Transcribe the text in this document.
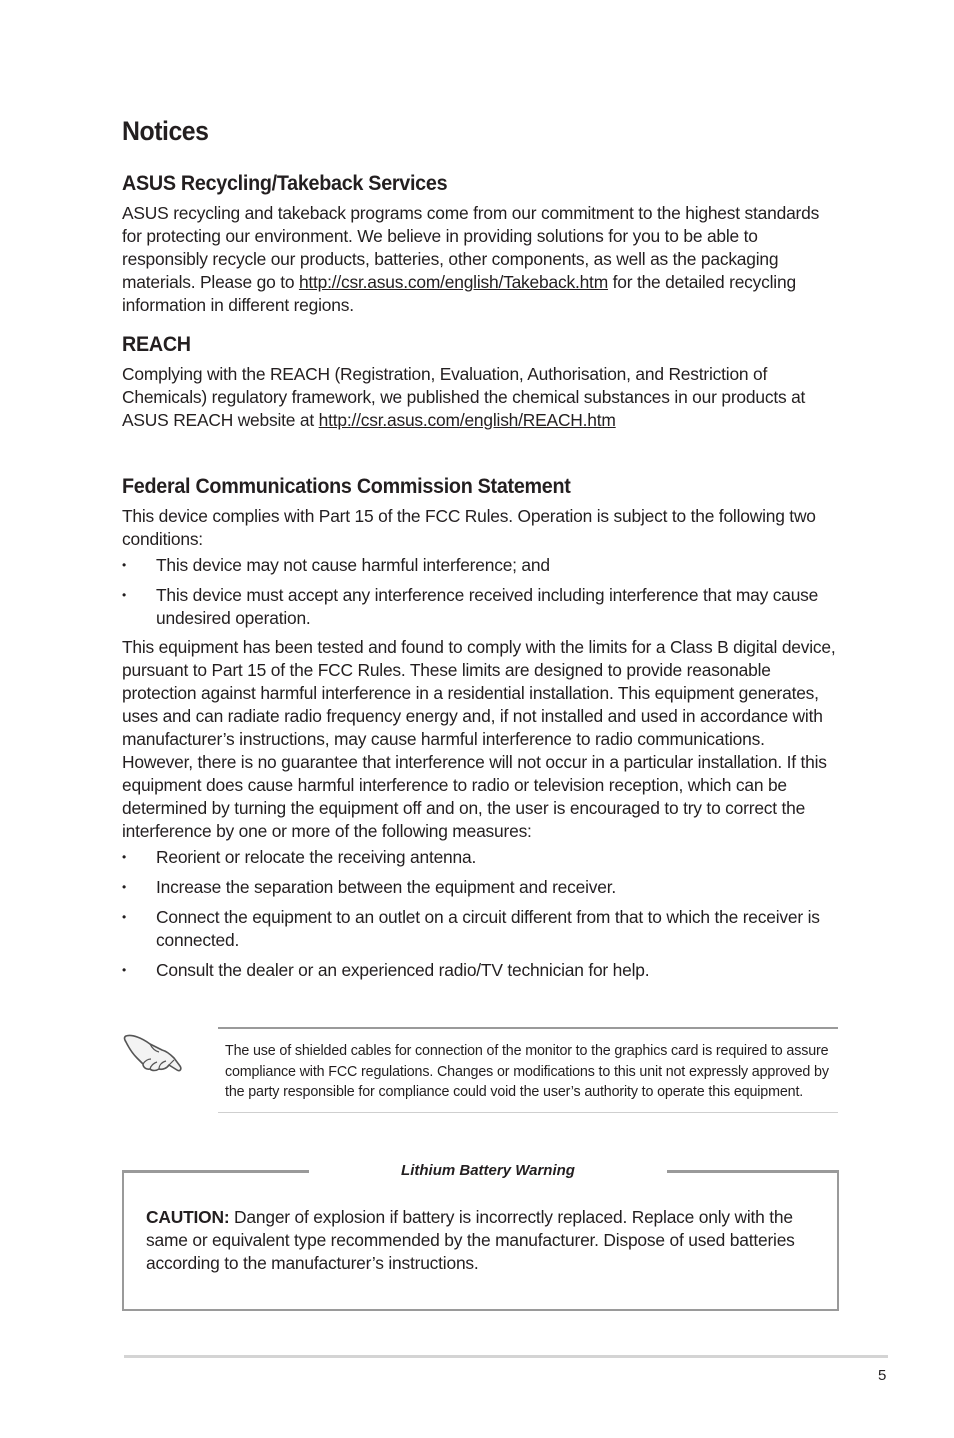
Notices
ASUS Recycling/Takeback Services

ASUS recycling and takeback programs come from our commitment to the highest standards for protecting our environment. We believe in providing solutions for you to be able to responsibly recycle our products, batteries, other components, as well as the packaging materials. Please go to http://csr.asus.com/english/Takeback.htm for the detailed recycling information in different regions.

REACH

Complying with the REACH (Registration, Evaluation, Authorisation, and Restriction of Chemicals) regulatory framework, we published the chemical substances in our products at ASUS REACH website at http://csr.asus.com/english/REACH.htm

Federal Communications Commission Statement

This device complies with Part 15 of the FCC Rules. Operation is subject to the following two conditions:

• This device may not cause harmful interference; and
• This device must accept any interference received including interference that may cause undesired operation.

This equipment has been tested and found to comply with the limits for a Class B digital device, pursuant to Part 15 of the FCC Rules. These limits are designed to provide reasonable protection against harmful interference in a residential installation. This equipment generates, uses and can radiate radio frequency energy and, if not installed and used in accordance with manufacturer’s instructions, may cause harmful interference to radio communications. However, there is no guarantee that interference will not occur in a particular installation. If this equipment does cause harmful interference to radio or television reception, which can be determined by turning the equipment off and on, the user is encouraged to try to correct the interference by one or more of the following measures:

• Reorient or relocate the receiving antenna.
• Increase the separation between the equipment and receiver.
• Connect the equipment to an outlet on a circuit different from that to which the receiver is connected.
• Consult the dealer or an experienced radio/TV technician for help.

The use of shielded cables for connection of the monitor to the graphics card is required to assure compliance with FCC regulations. Changes or modifications to this unit not expressly approved by the party responsible for compliance could void the user’s authority to operate this equipment.

Lithium Battery Warning

CAUTION: Danger of explosion if battery is incorrectly replaced. Replace only with the same or equivalent type recommended by the manufacturer. Dispose of used batteries according to the manufacturer’s instructions.

5
